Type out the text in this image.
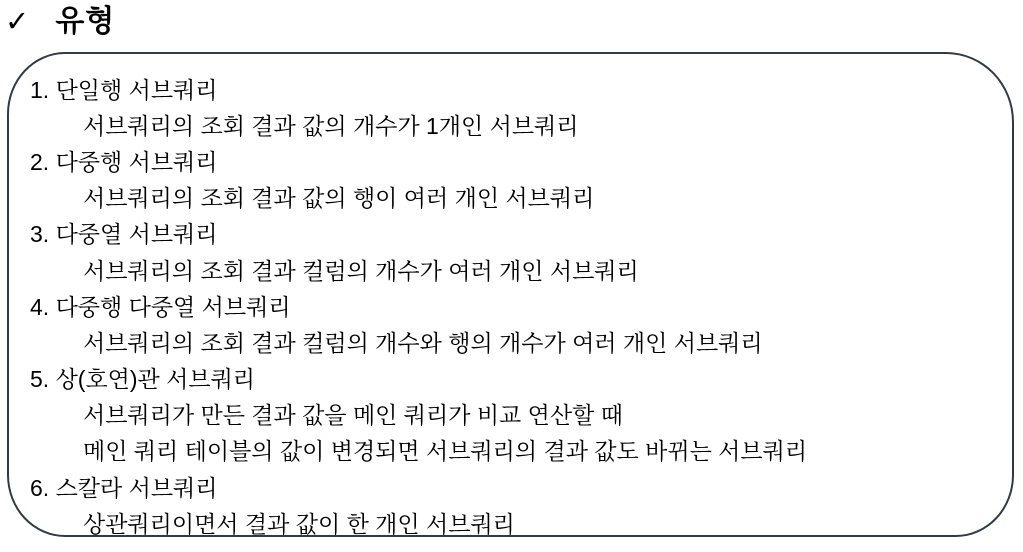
✓ 유형
1. 단일행 서브쿼리
서브쿼리의 조회 결과 값의 개수가 1개인 서브쿼리
2. 다중행 서브쿼리
서브쿼리의 조회 결과 값의 행이 여러 개인 서브쿼리
3. 다중열 서브쿼리
서브쿼리의 조회 결과 컬럼의 개수가 여러 개인 서브쿼리
4. 다중행 다중열 서브쿼리
서브쿼리의 조회 결과 컬럼의 개수와 행의 개수가 여러 개인 서브쿼리
5. 상(호연)관 서브쿼리
서브쿼리가 만든 결과 값을 메인 쿼리가 비교 연산할 때
메인 쿼리 테이블의 값이 변경되면 서브쿼리의 결과 값도 바뀌는 서브쿼리
6. 스칼라 서브쿼리
상관쿼리이면서 결과 값이 한 개인 서브쿼리
